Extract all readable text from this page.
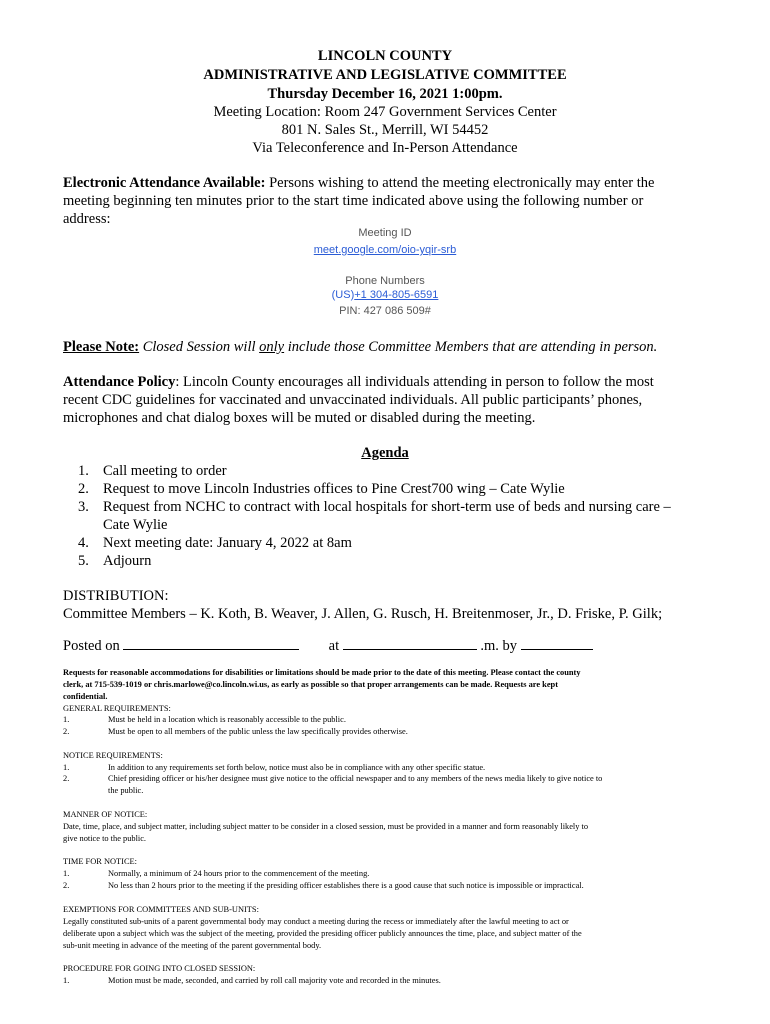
LINCOLN COUNTY
ADMINISTRATIVE AND LEGISLATIVE COMMITTEE
Thursday December 16, 2021 1:00pm.
Meeting Location: Room 247 Government Services Center
801 N. Sales St., Merrill, WI 54452
Via Teleconference and In-Person Attendance
Electronic Attendance Available: Persons wishing to attend the meeting electronically may enter the
meeting beginning ten minutes prior to the start time indicated above using the following number or
address:
Meeting ID
meet.google.com/oio-yqir-srb
Phone Numbers
(US)+1 304-805-6591
PIN: 427 086 509#
Please Note: Closed Session will only include those Committee Members that are attending in person.
Attendance Policy: Lincoln County encourages all individuals attending in person to follow the most
recent CDC guidelines for vaccinated and unvaccinated individuals. All public participants’ phones,
microphones and chat dialog boxes will be muted or disabled during the meeting.
Agenda
1. Call meeting to order
2. Request to move Lincoln Industries offices to Pine Crest700 wing – Cate Wylie
3. Request from NCHC to contract with local hospitals for short-term use of beds and nursing care –
Cate Wylie
4. Next meeting date: January 4, 2022 at 8am
5. Adjourn
DISTRIBUTION:
Committee Members – K. Koth, B. Weaver, J. Allen, G. Rusch, H. Breitenmoser, Jr., D. Friske, P. Gilk;
Posted on	at	.m. by
Requests for reasonable accommodations for disabilities or limitations should be made prior to the date of this meeting. Please contact the county
clerk, at 715-539-1019 or chris.marlowe@co.lincoln.wi.us, as early as possible so that proper arrangements can be made. Requests are kept
confidential.
GENERAL REQUIREMENTS:
1.	Must be held in a location which is reasonably accessible to the public.
2.	Must be open to all members of the public unless the law specifically provides otherwise.
NOTICE REQUIREMENTS:
1.	In addition to any requirements set forth below, notice must also be in compliance with any other specific statue.
2.	Chief presiding officer or his/her designee must give notice to the official newspaper and to any members of the news media likely to give notice to
the public.
MANNER OF NOTICE:
Date, time, place, and subject matter, including subject matter to be consider in a closed session, must be provided in a manner and form reasonably likely to
give notice to the public.
TIME FOR NOTICE:
1.	Normally, a minimum of 24 hours prior to the commencement of the meeting.
2.	No less than 2 hours prior to the meeting if the presiding officer establishes there is a good cause that such notice is impossible or impractical.
EXEMPTIONS FOR COMMITTEES AND SUB-UNITS:
Legally constituted sub-units of a parent governmental body may conduct a meeting during the recess or immediately after the lawful meeting to act or
deliberate upon a subject which was the subject of the meeting, provided the presiding officer publicly announces the time, place, and subject matter of the
sub-unit meeting in advance of the meeting of the parent governmental body.
PROCEDURE FOR GOING INTO CLOSED SESSION:
1.	Motion must be made, seconded, and carried by roll call majority vote and recorded in the minutes.
